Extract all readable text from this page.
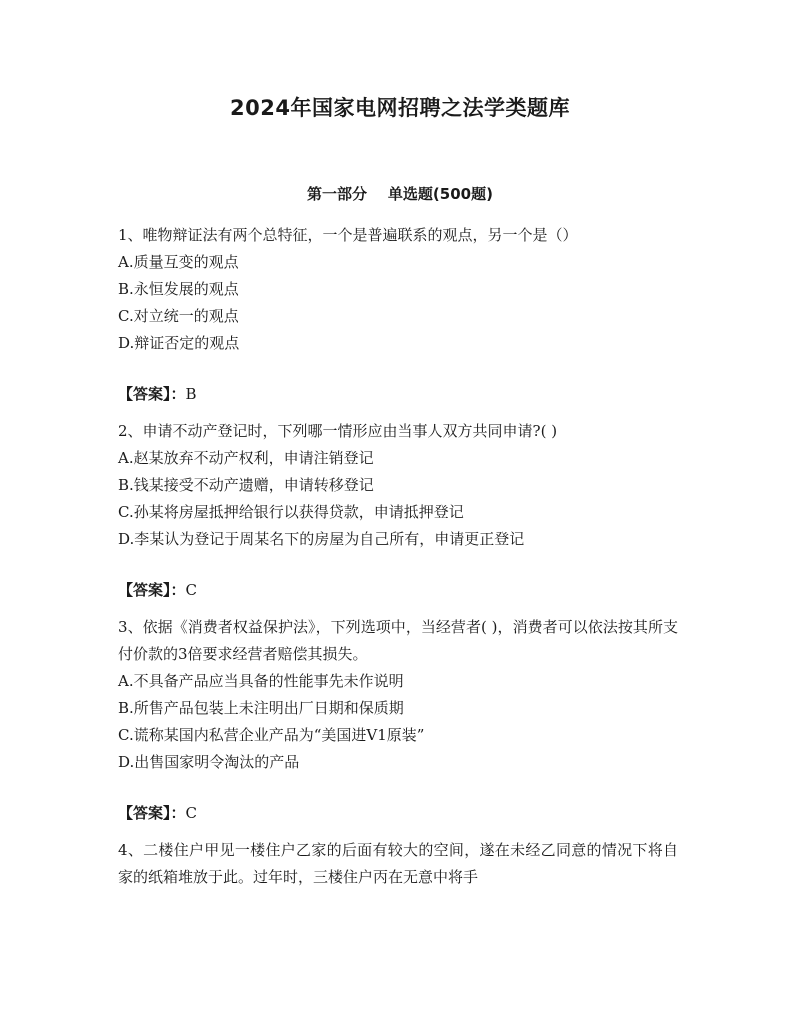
2024年国家电网招聘之法学类题库
第一部分    单选题(500题)

1、唯物辩证法有两个总特征，一个是普遍联系的观点，另一个是（）

A.质量互变的观点

B.永恒发展的观点

C.对立统一的观点

D.辩证否定的观点

【答案】：B

2、申请不动产登记时，下列哪一情形应由当事人双方共同申请?( )

A.赵某放弃不动产权利，申请注销登记

B.钱某接受不动产遗赠，申请转移登记

C.孙某将房屋抵押给银行以获得贷款，申请抵押登记

D.李某认为登记于周某名下的房屋为自己所有，申请更正登记

【答案】：C

3、依据《消费者权益保护法》，下列选项中，当经营者( )，消费者可以依法按其所支付价款的3倍要求经营者赔偿其损失。

A.不具备产品应当具备的性能事先未作说明

B.所售产品包装上未注明出厂日期和保质期

C.谎称某国内私营企业产品为“美国进V1原装”

D.出售国家明令淘汰的产品

【答案】：C

4、二楼住户甲见一楼住户乙家的后面有较大的空间，遂在未经乙同意的情况下将自家的纸箱堆放于此。过年时，三楼住户丙在无意中将手
